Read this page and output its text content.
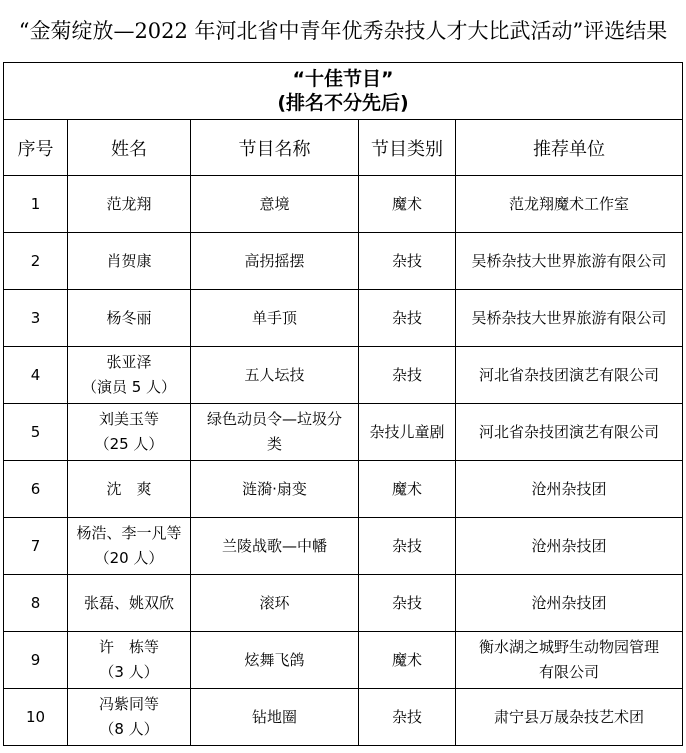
“金菊绽放—2022 年河北省中青年优秀杂技人才大比武活动”评选结果
“十佳节目”
(排名不分先后)				

序号	姓名	节目名称	节目类别	推荐单位
1	范龙翔	意境	魔术	范龙翔魔术工作室

2	肖贺康	高拐摇摆	杂技	吴桥杂技大世界旅游有限公司

3	杨冬丽	单手顶	杂技	吴桥杂技大世界旅游有限公司

4	张亚泽
（演员 5 人）	五人坛技	杂技	河北省杂技团演艺有限公司

5	刘美玉等
（25 人）	绿色动员令—垃圾分
类	杂技儿童剧	河北省杂技团演艺有限公司

6	沈　爽	涟漪·扇变	魔术	沧州杂技团

7	杨浩、李一凡等
（20 人）	兰陵战歌—中幡	杂技	沧州杂技团

8	张磊、姚双欣	滚环	杂技	沧州杂技团

9	许　栋等
（3 人）	炫舞飞鸽	魔术	衡水湖之城野生动物园管理
有限公司

10	冯紫同等
（8 人）	钻地圈	杂技	肃宁县万晟杂技艺术团
